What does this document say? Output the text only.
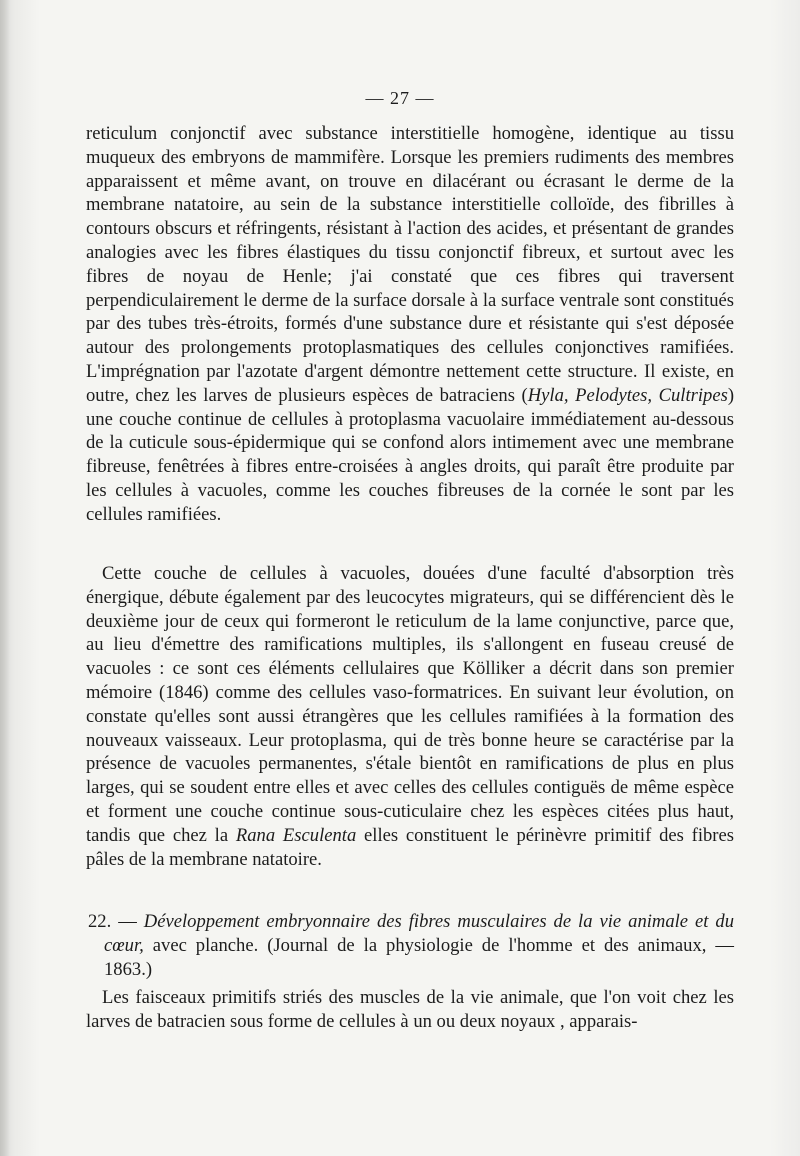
— 27 —

reticulum conjonctif avec substance interstitielle homogène, identique au tissu muqueux des embryons de mammifère. Lorsque les premiers rudiments des membres apparaissent et même avant, on trouve en dilacérant ou écrasant le derme de la membrane natatoire, au sein de la substance interstitielle colloïde, des fibrilles à contours obscurs et réfringents, résistant à l'action des acides, et présentant de grandes analogies avec les fibres élastiques du tissu conjonctif fibreux, et surtout avec les fibres de noyau de Henle; j'ai constaté que ces fibres qui traversent perpendiculairement le derme de la surface dorsale à la surface ventrale sont constitués par des tubes très-étroits, formés d'une substance dure et résistante qui s'est déposée autour des prolongements protoplasmatiques des cellules conjonctives ramifiées. L'imprégnation par l'azotate d'argent démontre nettement cette structure. Il existe, en outre, chez les larves de plusieurs espèces de batraciens (Hyla, Pelodytes, Cultripes) une couche continue de cellules à protoplasma vacuolaire immédiatement au-dessous de la cuticule sous-épidermique qui se confond alors intimement avec une membrane fibreuse, fenêtrées à fibres entre-croisées à angles droits, qui paraît être produite par les cellules à vacuoles, comme les couches fibreuses de la cornée le sont par les cellules ramifiées.

Cette couche de cellules à vacuoles, douées d'une faculté d'absorption très énergique, débute également par des leucocytes migrateurs, qui se différencient dès le deuxième jour de ceux qui formeront le reticulum de la lame conjunctive, parce que, au lieu d'émettre des ramifications multiples, ils s'allongent en fuseau creusé de vacuoles : ce sont ces éléments cellulaires que Kölliker a décrit dans son premier mémoire (1846) comme des cellules vaso-formatrices. En suivant leur évolution, on constate qu'elles sont aussi étrangères que les cellules ramifiées à la formation des nouveaux vaisseaux. Leur protoplasma, qui de très bonne heure se caractérise par la présence de vacuoles permanentes, s'étale bientôt en ramifications de plus en plus larges, qui se soudent entre elles et avec celles des cellules contiguës de même espèce et forment une couche continue sous-cuticulaire chez les espèces citées plus haut, tandis que chez la Rana Esculenta elles constituent le périnèvre primitif des fibres pâles de la membrane natatoire.

22. — Développement embryonnaire des fibres musculaires de la vie animale et du cœur, avec planche. (Journal de la physiologie de l'homme et des animaux, — 1863.)

Les faisceaux primitifs striés des muscles de la vie animale, que l'on voit chez les larves de batracien sous forme de cellules à un ou deux noyaux , apparais-
